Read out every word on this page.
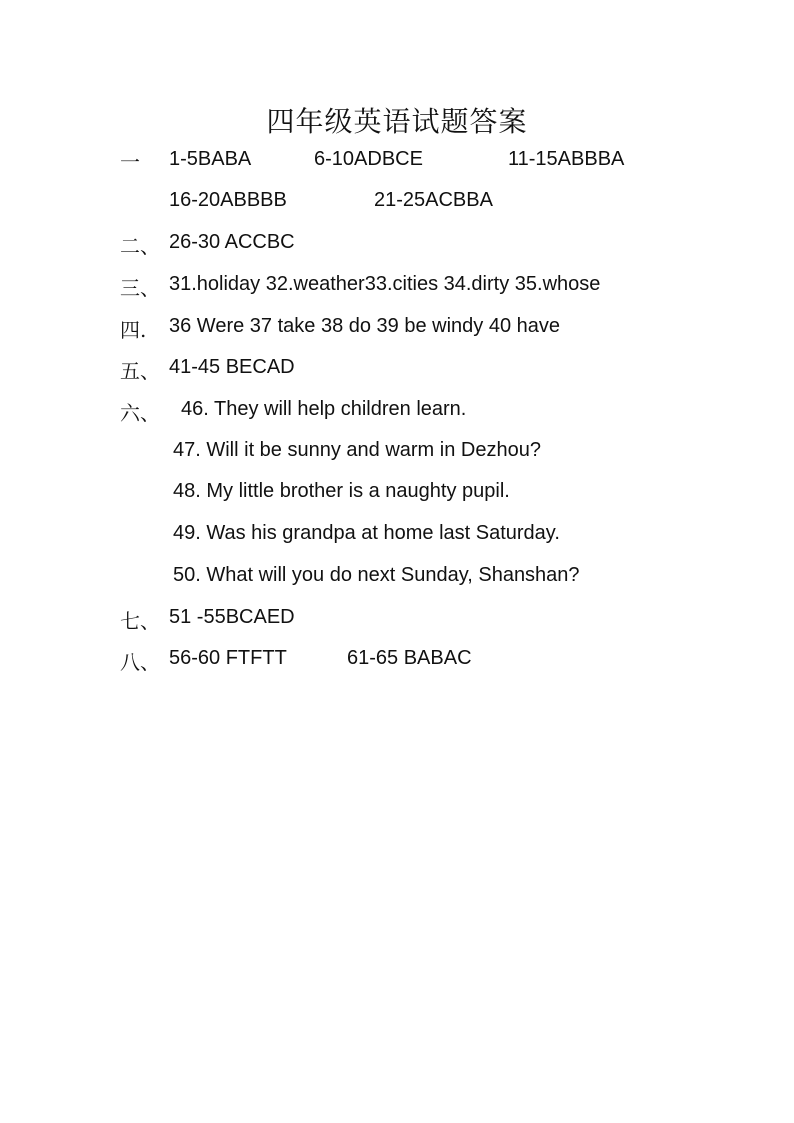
四年级英语试题答案
一 1-5BABA	6-10ADBCE	11-15ABBBA
16-20ABBBB	21-25ACBBA
二、 26-30 ACCBC
三、 31.holiday 32.weather33.cities 34.dirty 35.whose
四. 36 Were 37 take 38 do 39 be windy 40 have
五、 41-45 BECAD
六、 46. They will help children learn.
47. Will it be sunny and warm in Dezhou?
48. My little brother is a naughty pupil.
49. Was his grandpa at home last Saturday.
50. What will you do next Sunday, Shanshan?
七、 51 -55BCAED
八、 56-60 FTFTT	61-65 BABAC
